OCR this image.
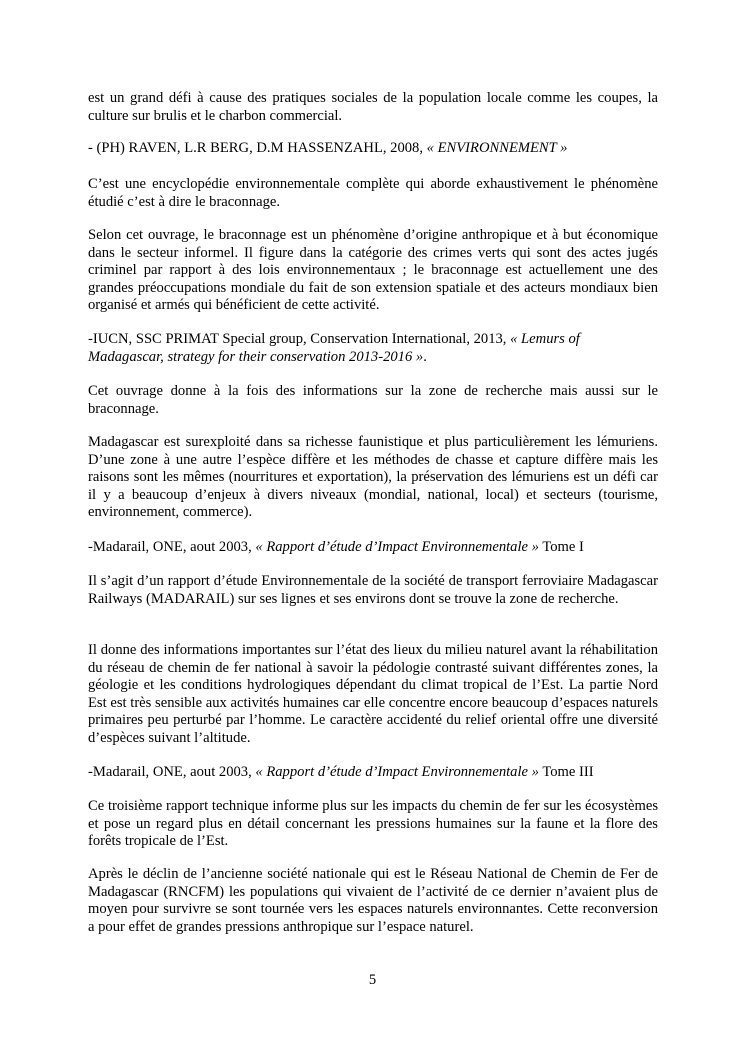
est un grand défi à cause des pratiques sociales de la population locale comme les coupes, la culture sur brulis et le charbon commercial.

- (PH) RAVEN, L.R BERG, D.M HASSENZAHL, 2008, « ENVIRONNEMENT »

C’est une encyclopédie environnementale complète qui aborde exhaustivement le phénomène étudié c’est à dire le braconnage.

Selon cet ouvrage, le braconnage est un phénomène d’origine anthropique et à but économique dans le secteur informel. Il figure dans la catégorie des crimes verts qui sont des actes jugés criminel par rapport à des lois environnementaux ; le braconnage est actuellement une des grandes préoccupations mondiale du fait de son extension spatiale et des acteurs mondiaux bien organisé et armés qui bénéficient de cette activité.

-IUCN, SSC PRIMAT Special group, Conservation International, 2013, « Lemurs of Madagascar, strategy for their conservation 2013-2016 ».

Cet ouvrage donne à la fois des informations sur la zone de recherche mais aussi sur le braconnage.

Madagascar est surexploité dans sa richesse faunistique et plus particulièrement les lémuriens. D’une zone à une autre l’espèce diffère et les méthodes de chasse et capture diffère mais les raisons sont les mêmes (nourritures et exportation), la préservation des lémuriens est un défi car il y a beaucoup d’enjeux à divers niveaux (mondial, national, local) et secteurs (tourisme, environnement, commerce).

-Madarail, ONE, aout 2003, « Rapport d’étude d’Impact Environnementale » Tome I

Il s’agit d’un rapport d’étude Environnementale de la société de transport ferroviaire Madagascar Railways (MADARAIL) sur ses lignes et ses environs dont se trouve la zone de recherche.

Il donne des informations importantes sur l’état des lieux du milieu naturel avant la réhabilitation du réseau de chemin de fer national à savoir la pédologie contrasté suivant différentes zones, la géologie et les conditions hydrologiques dépendant du climat tropical de l’Est. La partie Nord Est est très sensible aux activités humaines car elle concentre encore beaucoup d’espaces naturels primaires peu perturbé par l’homme. Le caractère accidenté du relief oriental offre une diversité d’espèces suivant l’altitude.

-Madarail, ONE, aout 2003, « Rapport d’étude d’Impact Environnementale » Tome III

Ce troisième rapport technique informe plus sur les impacts du chemin de fer sur les écosystèmes et pose un regard plus en détail concernant les pressions humaines sur la faune et la flore des forêts tropicale de l’Est.

Après le déclin de l’ancienne société nationale qui est le Réseau National de Chemin de Fer de Madagascar (RNCFM) les populations qui vivaient de l’activité de ce dernier n’avaient plus de moyen pour survivre se sont tournée vers les espaces naturels environnantes. Cette reconversion a pour effet de grandes pressions anthropique sur l’espace naturel.

5
